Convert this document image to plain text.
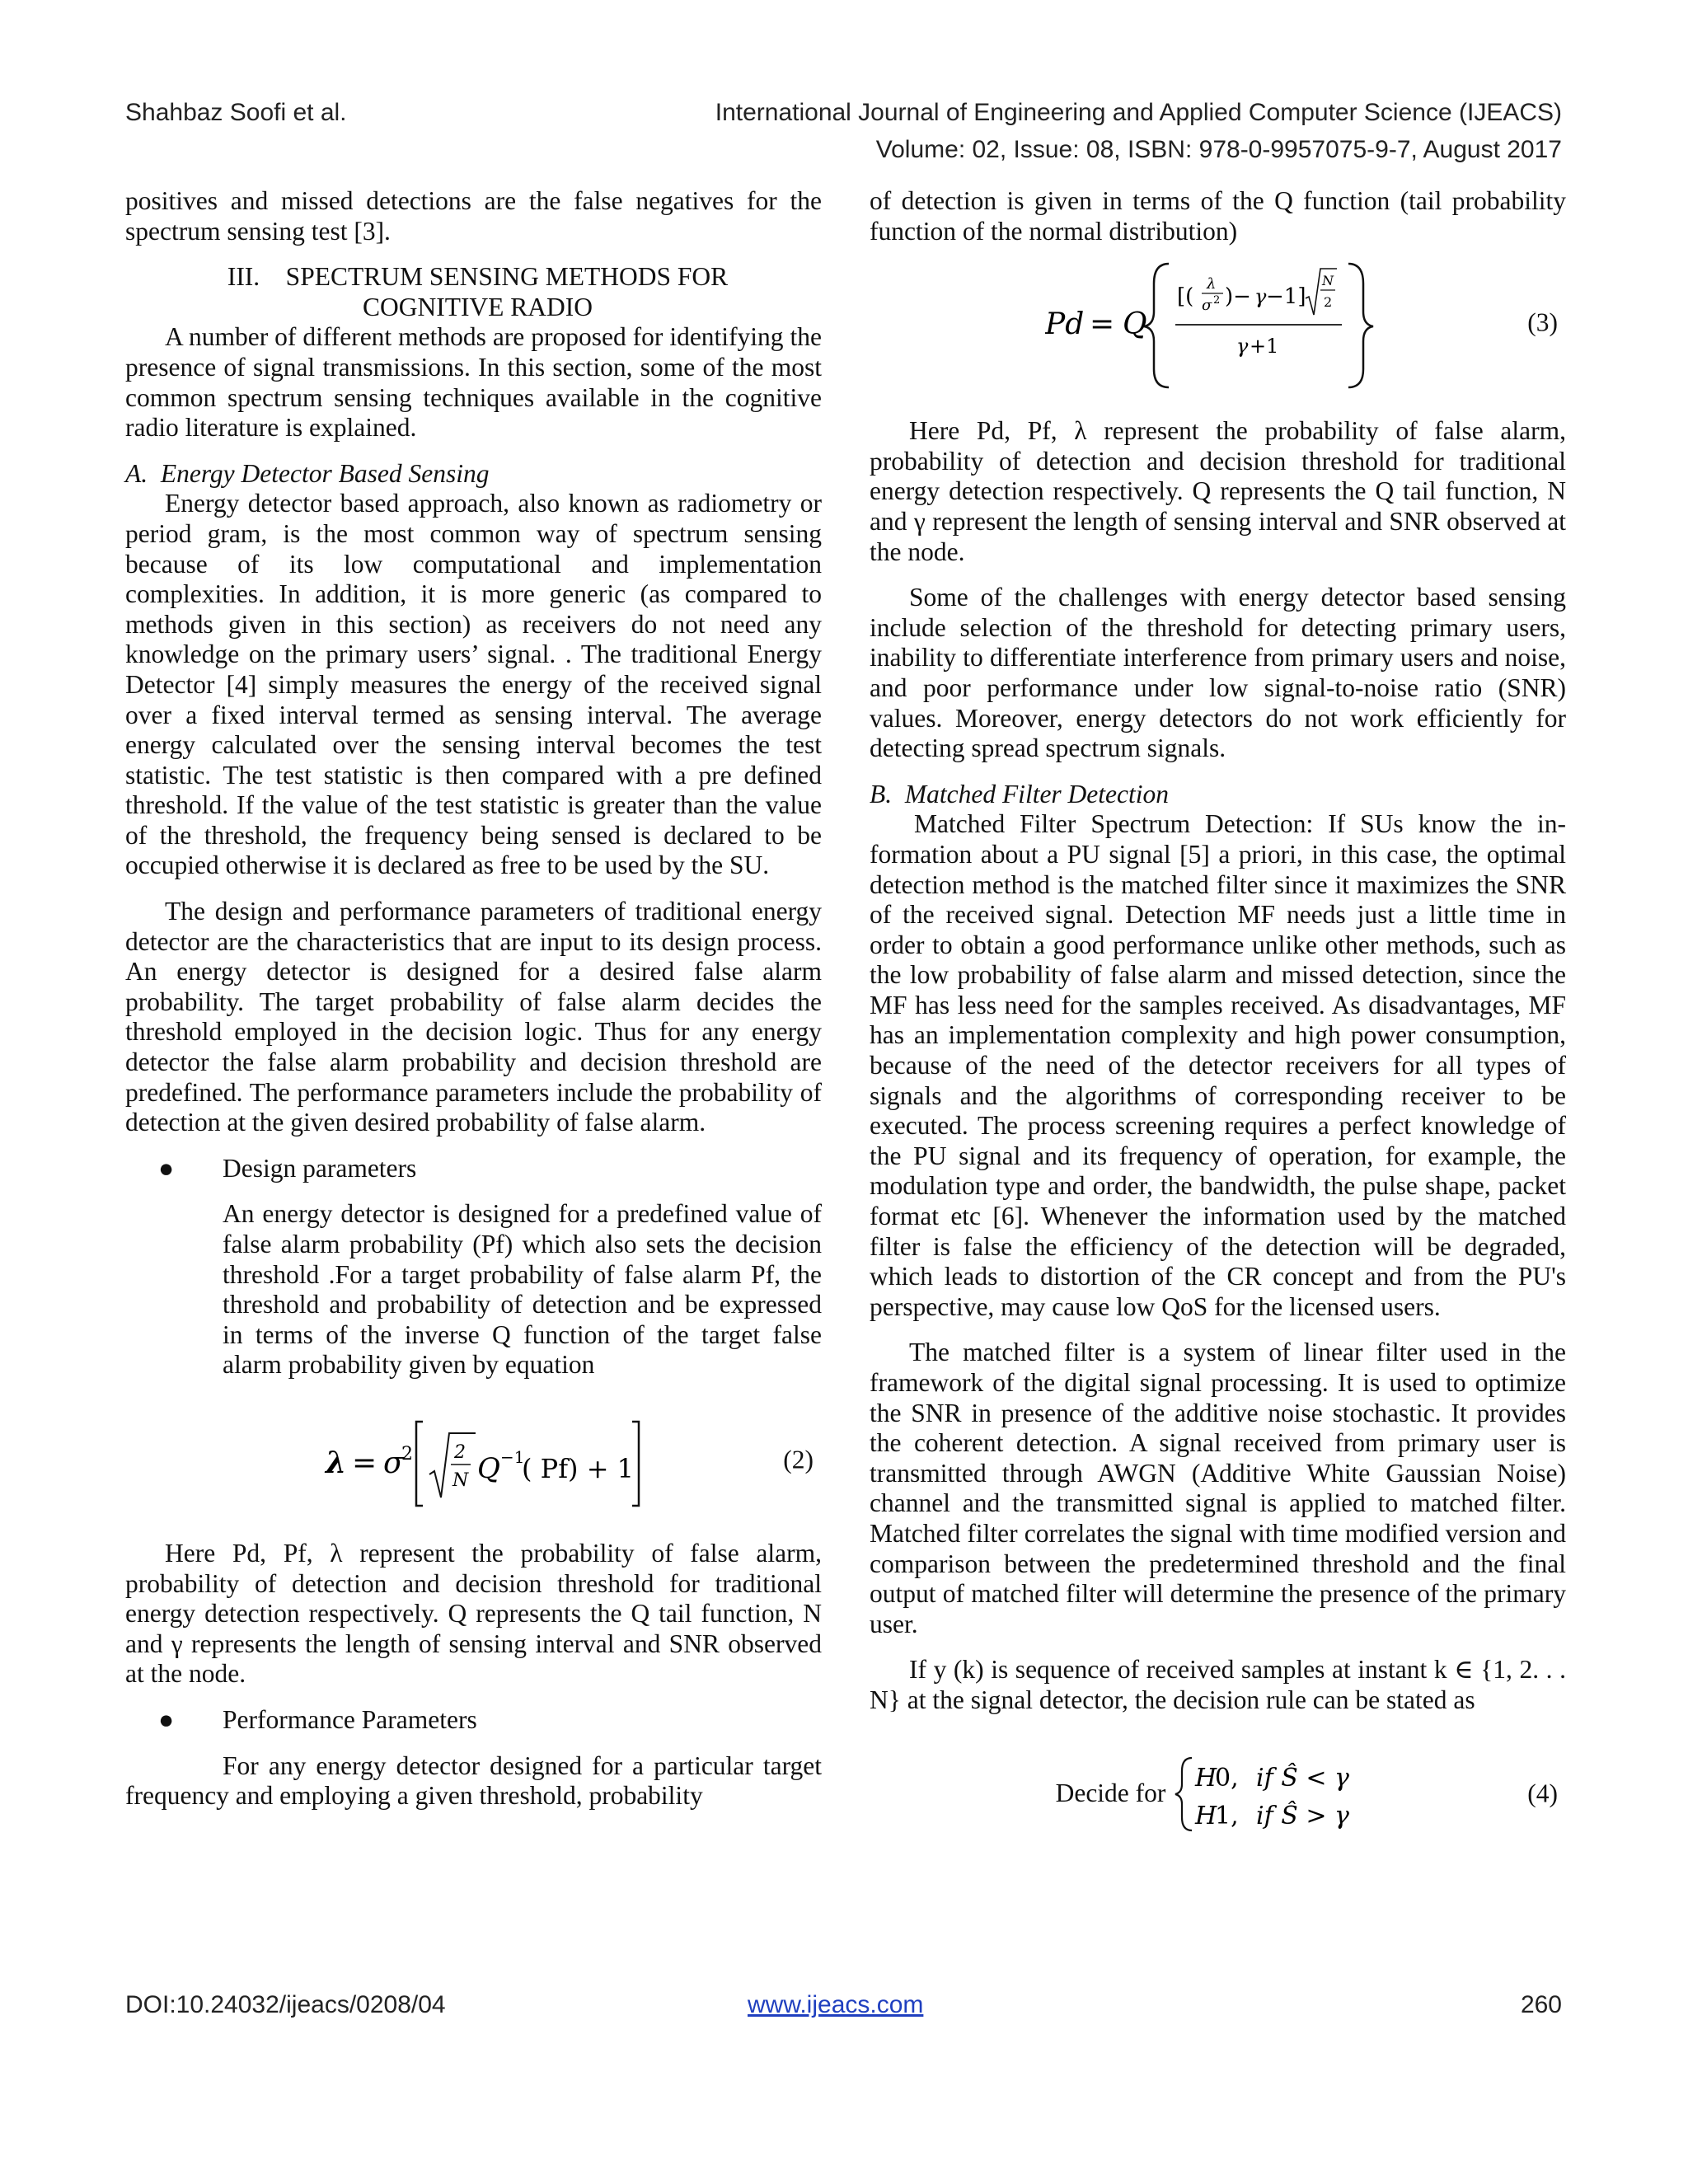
Shahbaz Soofi et al.	International Journal of Engineering and Applied Computer Science (IJEACS)
Volume: 02, Issue: 08, ISBN: 978-0-9957075-9-7, August 2017

positives and missed detections are the false negatives for the spectrum sensing test [3].

III.    SPECTRUM SENSING METHODS FOR

COGNITIVE RADIO

A number of different methods are proposed for identifying the presence of signal transmissions. In this section, some of the most common spectrum sensing techniques available in the cognitive radio literature is explained.

A.  Energy Detector Based Sensing

Energy detector based approach, also known as radiometry or period gram, is the most common way of spectrum sensing because of its low computational and implementation complexities. In addition, it is more generic (as compared to methods given in this section) as receivers do not need any knowledge on the primary users’ signal. . The traditional Energy Detector [4] simply measures the energy of the received signal over a fixed interval termed as sensing interval. The average energy calculated over the sensing interval becomes the test statistic. The test statistic is then compared with a pre defined threshold. If the value of the test statistic is greater than the value of the threshold, the frequency being sensed is declared to be occupied otherwise it is declared as free to be used by the SU.

The design and performance parameters of traditional energy detector are the characteristics that are input to its design process. An energy detector is designed for a desired false alarm probability. The target probability of false alarm decides the threshold employed in the decision logic. Thus for any energy detector the false alarm probability and decision threshold are predefined. The performance parameters include the probability of detection at the given desired probability of false alarm.

● Design parameters

An energy detector is designed for a predefined value of false alarm probability (Pf) which also sets the decision threshold .For a target probability of false alarm Pf, the threshold and probability of detection and be expressed in terms of the inverse Q function of the target false alarm probability given by equation

λ = σ
2 2
N Q −1
( Pf) + 1	(2)

Here Pd, Pf, λ represent the probability of false alarm, probability of detection and decision threshold for traditional energy detection respectively. Q represents the Q tail function, N and γ represents the length of sensing interval and SNR observed at the node.

● Performance Parameters

For any energy detector designed for a particular target frequency and employing a given threshold, probability

of detection is given in terms of the Q function (tail probability function of the normal distribution)

Pd = Q
[(
λ
σ 2 )− γ −1]
N
2
γ +1
(3)

Here Pd, Pf, λ represent the probability of false alarm, probability of detection and decision threshold for traditional energy detection respectively. Q represents the Q tail function, N and γ represent the length of sensing interval and SNR observed at the node.

Some of the challenges with energy detector based sensing include selection of the threshold for detecting primary users, inability to differentiate interference from primary users and noise, and poor performance under low signal-to-noise ratio (SNR) values. Moreover, energy detectors do not work efficiently for detecting spread spectrum signals.

B.  Matched Filter Detection

Matched Filter Spectrum Detection: If SUs know the in-formation about a PU signal [5] a priori, in this case, the optimal detection method is the matched filter since it maximizes the SNR of the received signal. Detection MF needs just a little time in order to obtain a good performance unlike other methods, such as the low probability of false alarm and missed detection, since the MF has less need for the samples received. As disadvantages, MF has an implementation complexity and high power consumption, because of the need of the detector receivers for all types of signals and the algorithms of corresponding receiver to be executed. The process screening requires a perfect knowledge of the PU signal and its frequency of operation, for example, the modulation type and order, the bandwidth, the pulse shape, packet format etc [6]. Whenever the information used by the matched filter is false the efficiency of the detection will be degraded, which leads to distortion of the CR concept and from the PU's perspective, may cause low QoS for the licensed users.

The matched filter is a system of linear filter used in the framework of the digital signal processing. It is used to optimize the SNR in presence of the additive noise stochastic. It provides the coherent detection. A signal received from primary user is transmitted through AWGN (Additive White Gaussian Noise) channel and the transmitted signal is applied to matched filter. Matched filter correlates the signal with time modified version and comparison between the predetermined threshold and the final output of matched filter will determine the presence of the primary user.

If y (k) is sequence of received samples at instant k ∈ {1, 2. . . N} at the signal detector, the decision rule can be stated as

Decide for
H
0, if Ŝ < γ
H
1, if Ŝ > γ
(4)
DOI:10.24032/ijeacs/0208/04	www.ijeacs.com	260
